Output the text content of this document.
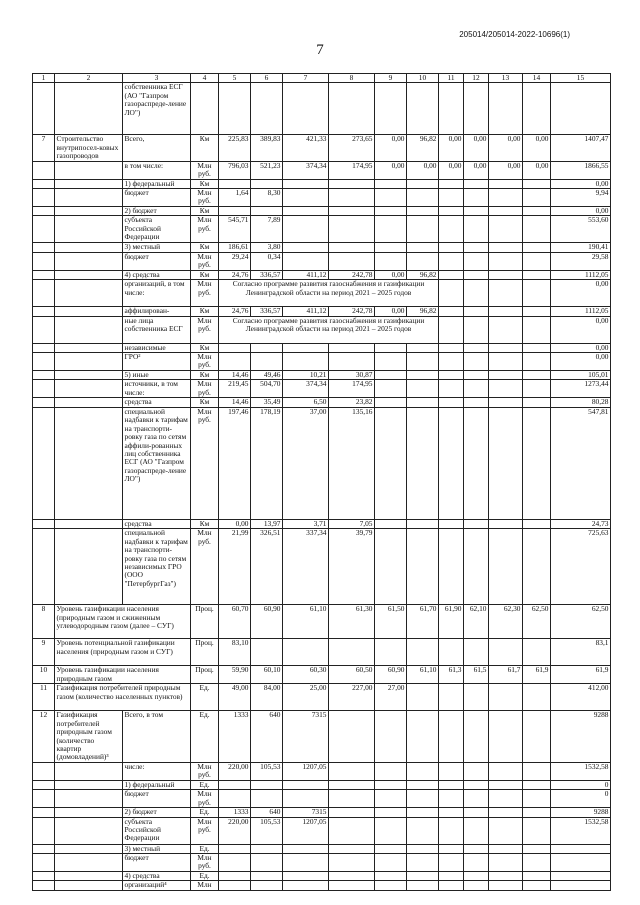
205014/205014-2022-10696(1)
7
1	2	3	4	5	6	7	8	9	10	11	12	13	14	15
		собственника ЕСГ (АО "Газпром газораспреде-ление ЛО")												
7	Строительство внутрипосел-ковых газопроводов	Всего,	Км	225,83	389,83	421,33	273,65	0,00	96,82	0,00	0,00	0,00	0,00	1407,47
		в том числе:	Млн руб.	796,03	521,23	374,34	174,95	0,00	0,00	0,00	0,00	0,00	0,00	1866,55
		1) федеральный	Км											0,00
		бюджет	Млн руб.	1,64	8,30									9,94
		2) бюджет	Км											0,00
		субъекта Российской Федерации	Млн руб.	545,71	7,89									553,60
		3) местный	Км	186,61	3,80									190,41
		бюджет	Млн руб.	29,24	0,34									29,58
		4) средства	Км	24,76	336,57	411,12	242,78	0,00	96,82					1112,05
		организаций, в том числе:	Млн руб.	Согласно программе развития газоснабжения и газификации Ленинградской области на период 2021 – 2025 годов										0,00
		аффилирован-	Км	24,76	336,57	411,12	242,78	0,00	96,82					1112,05
		ные лица собственника ЕСГ	Млн руб.	Согласно программе развития газоснабжения и газификации Ленинградской области на период 2021 – 2025 годов										0,00
		независимые	Км											0,00
		ГРО²	Млн руб.											0,00
		5) иные	Км	14,46	49,46	10,21	30,87							105,01
		источники, в том числе:	Млн руб.	219,45	504,70	374,34	174,95							1273,44
		средства	Км	14,46	35,49	6,50	23,82							80,28
		специальной надбавки к тарифам на транспорти-ровку газа по сетям аффили-рованных лиц собственника ЕСГ (АО "Газпром газораспреде-ление ЛО")	Млн руб.	197,46	178,19	37,00	135,16							547,81
		средства	Км	0,00	13,97	3,71	7,05							24,73
		специальной надбавки к тарифам на транспорти-ровку газа по сетям независимых ГРО (ООО "ПетербургГаз")	Млн руб.	21,99	326,51	337,34	39,79							725,63
8	Уровень газификации населения (природным газом и сжиженным углеводородным газом (далее – СУГ)		Проц.	60,70	60,90	61,10	61,30	61,50	61,70	61,90	62,10	62,30	62,50	62,50
9	Уровень потенциальной газификации населения (природным газом и СУГ)		Проц.	83,10										83,1
10	Уровень газификации населения природным газом		Проц.	59,90	60,10	60,30	60,50	60,90	61,10	61,3	61,5	61,7	61,9	61,9
11	Газификация потребителей природным газом (количество населенных пунктов)		Ед.	49,00	84,00	25,00	227,00	27,00						412,00
12	Газификация потребителей природным газом (количество квартир (домовладений)³	Всего, в том	Ед.	1333	640	7315								9288
		числе:	Млн руб.	220,00	105,53	1207,05								1532,58
		1) федеральный	Ед.											0
		бюджет	Млн руб.											0
		2) бюджет	Ед.	1333	640	7315								9288
		субъекта Российской Федерации	Млн руб.	220,00	105,53	1207,05								1532,58
		3) местный	Ед.											
		бюджет	Млн руб.											
		4) средства	Ед.											
		организаций⁴	Млн											
